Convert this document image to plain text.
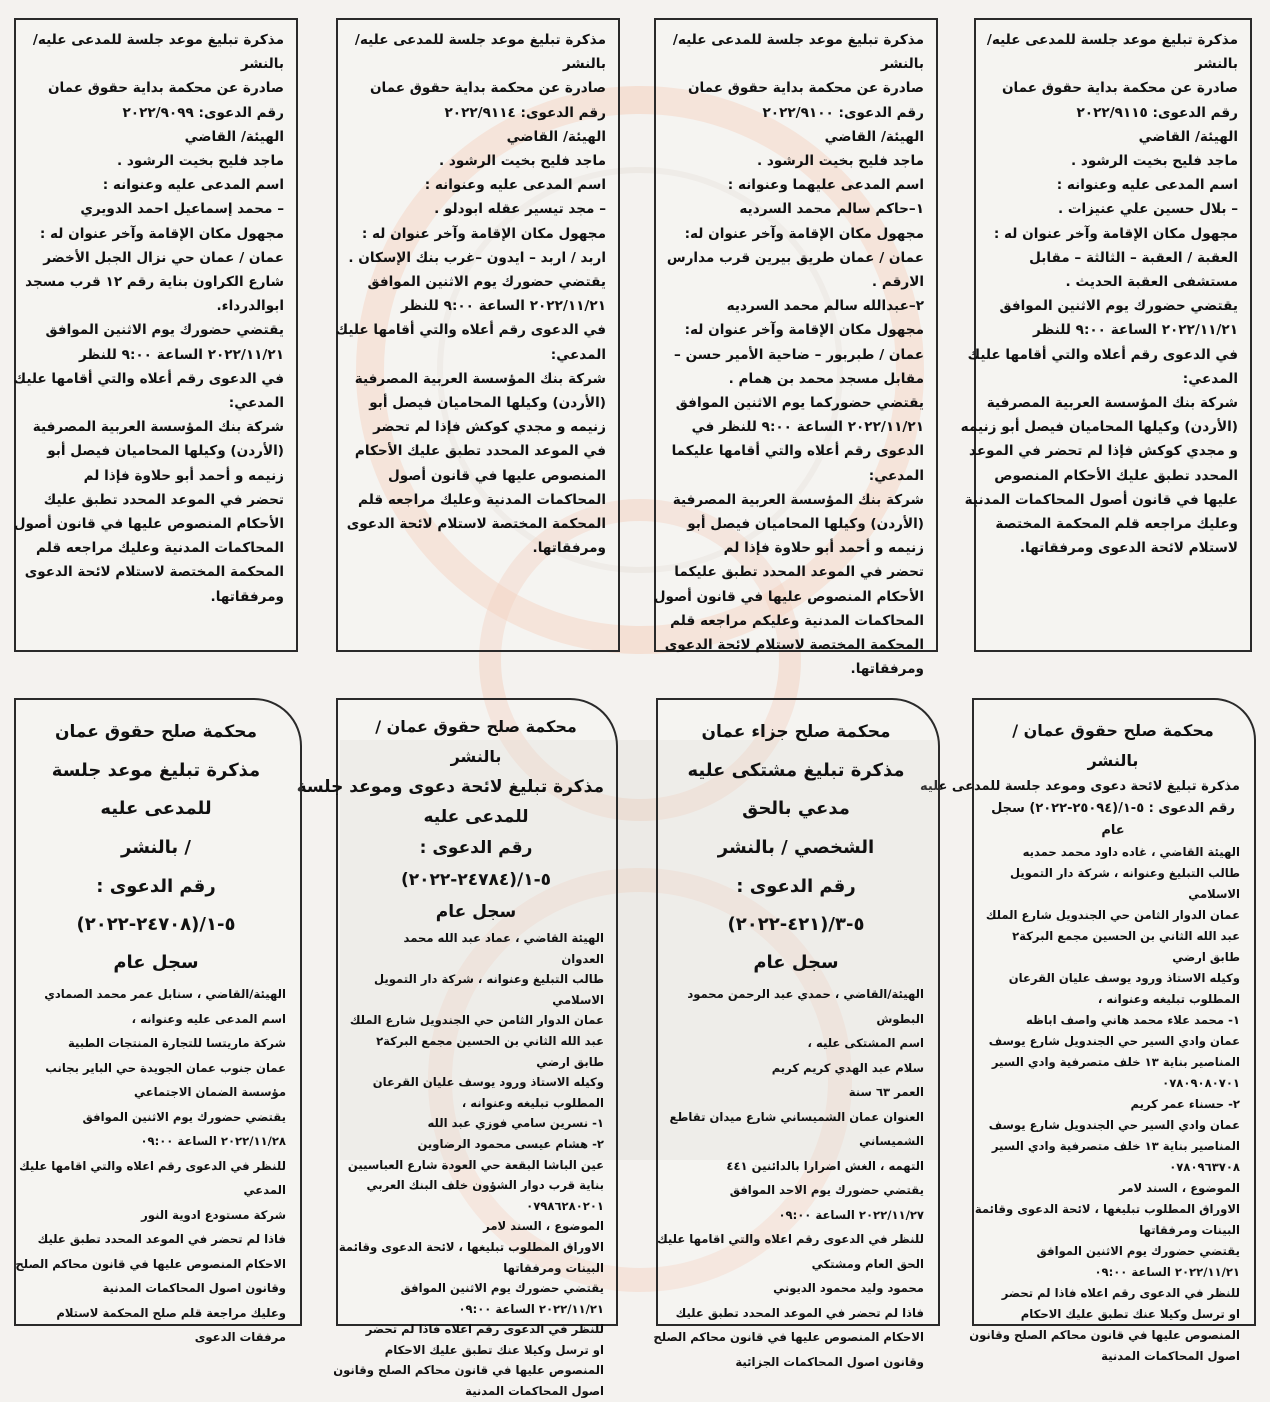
مذكرة تبليغ موعد جلسة للمدعى عليه/
بالنشر
صادرة عن محكمة بداية حقوق عمان
رقم الدعوى: ٢٠٢٢/٩١١٥
الهيئة/ القاضي
ماجد فليح بخيت الرشود .
اسم المدعى عليه وعنوانه :
– بلال حسين علي عنيزات .
مجهول مكان الإقامة وآخر عنوان له :
العقبة / العقبة – الثالثة – مقابل
مستشفى العقبة الحديث .
يقتضي حضورك يوم الاثنين الموافق
٢٠٢٢/١١/٢١ الساعة ٩:٠٠ للنظر
في الدعوى رقم أعلاه والتي أقامها عليك
المدعي:
شركة بنك المؤسسة العربية المصرفية
(الأردن) وكيلها المحاميان فيصل أبو زنيمه
و مجدي كوكش فإذا لم تحضر في الموعد
المحدد تطبق عليك الأحكام المنصوص
عليها في قانون أصول المحاكمات المدنية
وعليك مراجعه قلم المحكمة المختصة
لاستلام لائحة الدعوى ومرفقاتها.
مذكرة تبليغ موعد جلسة للمدعى عليه/
بالنشر
صادرة عن محكمة بداية حقوق عمان
رقم الدعوى: ٢٠٢٢/٩١٠٠
الهيئة/ القاضي
ماجد فليح بخيت الرشود .
اسم المدعى عليهما وعنوانه :
١–حاكم سالم محمد السرديه
مجهول مكان الإقامة وآخر عنوان له:
عمان / عمان طريق بيرين قرب مدارس
الارقم .
٢–عبدالله سالم محمد السرديه
مجهول مكان الإقامة وآخر عنوان له:
عمان / طبربور – ضاحية الأمير حسن –
مقابل مسجد محمد بن همام .
يقتضي حضوركما يوم الاثنين الموافق
٢٠٢٢/١١/٢١ الساعة ٩:٠٠ للنظر في
الدعوى رقم أعلاه والتي أقامها عليكما
المدعي:
شركة بنك المؤسسة العربية المصرفية
(الأردن) وكيلها المحاميان فيصل أبو
زنيمه و أحمد أبو حلاوة فإذا لم
تحضر في الموعد المحدد تطبق عليكما
الأحكام المنصوص عليها في قانون أصول
المحاكمات المدنية وعليكم مراجعه قلم
المحكمة المختصة لاستلام لائحة الدعوى
ومرفقاتها.
مذكرة تبليغ موعد جلسة للمدعى عليه/
بالنشر
صادرة عن محكمة بداية حقوق عمان
رقم الدعوى: ٢٠٢٢/٩١١٤
الهيئة/ القاضي
ماجد فليح بخيت الرشود .
اسم المدعى عليه وعنوانه :
– مجد تيسير عقله ابودلو .
مجهول مكان الإقامة وآخر عنوان له :
اربد / اربد – ايدون –غرب بنك الإسكان .
يقتضي حضورك يوم الاثنين الموافق
٢٠٢٢/١١/٢١ الساعة ٩:٠٠ للنظر
في الدعوى رقم أعلاه والتي أقامها عليك
المدعي:
شركة بنك المؤسسة العربية المصرفية
(الأردن) وكيلها المحاميان فيصل أبو
زنيمه و مجدي كوكش فإذا لم تحضر
في الموعد المحدد تطبق عليك الأحكام
المنصوص عليها في قانون أصول
المحاكمات المدنية وعليك مراجعه قلم
المحكمة المختصة لاستلام لائحة الدعوى
ومرفقاتها.
مذكرة تبليغ موعد جلسة للمدعى عليه/
بالنشر
صادرة عن محكمة بداية حقوق عمان
رقم الدعوى: ٢٠٢٢/٩٠٩٩
الهيئة/ القاضي
ماجد فليح بخيت الرشود .
اسم المدعى عليه وعنوانه :
– محمد إسماعيل احمد الدويري
مجهول مكان الإقامة وآخر عنوان له :
عمان / عمان حي نزال الجبل الأخضر
شارع الكراون بناية رقم ١٢ قرب مسجد
ابوالدرداء.
يقتضي حضورك يوم الاثنين الموافق
٢٠٢٢/١١/٢١ الساعة ٩:٠٠ للنظر
في الدعوى رقم أعلاه والتي أقامها عليك
المدعي:
شركة بنك المؤسسة العربية المصرفية
(الأردن) وكيلها المحاميان فيصل أبو
زنيمه و أحمد أبو حلاوة فإذا لم
تحضر في الموعد المحدد تطبق عليك
الأحكام المنصوص عليها في قانون أصول
المحاكمات المدنية وعليك مراجعه قلم
المحكمة المختصة لاستلام لائحة الدعوى
ومرفقاتها.
محكمة صلح حقوق عمان / بالنشر
مذكرة تبليغ لائحة دعوى وموعد جلسة للمدعى عليه
رقم الدعوى : ٥-١/(٢٥٠٩٤-٢٠٢٢) سجل عام
الهيئة القاضي ، غاده داود محمد حمديه
طالب التبليغ وعنوانه ، شركة دار التمويل
الاسلامي
عمان الدوار الثامن حي الجندويل شارع الملك
عبد الله الثاني بن الحسين مجمع البركة٢
طابق ارضي
وكيله الاستاذ ورود يوسف عليان القرعان
المطلوب تبليغه وعنوانه ،
١- محمد علاء محمد هاني واصف اباظه
عمان وادي السير حي الجندويل شارع يوسف
المناصير بناية ١٣ خلف متصرفية وادي السير
٠٧٨٠٩٠٨٠٧٠١
٢- حسناء عمر كريم
عمان وادي السير حي الجندويل شارع يوسف
المناصير بناية ١٣ خلف متصرفية وادي السير
٠٧٨٠٩٦٣٧٠٨
الموضوع ، السند لامر
الاوراق المطلوب تبليغها ، لائحة الدعوى وقائمة
البينات ومرفقاتها
يقتضي حضورك يوم الاثنين الموافق
٢٠٢٢/١١/٢١ الساعة ٠٩:٠٠
للنظر في الدعوى رقم اعلاه فاذا لم تحضر
او ترسل وكيلا عنك تطبق عليك الاحكام
المنصوص عليها في قانون محاكم الصلح وقانون
اصول المحاكمات المدنية
محكمة صلح جزاء عمان
مذكرة تبليغ مشتكى عليه مدعي بالحق
الشخصي / بالنشر
رقم الدعوى : ٥-٣/(٤٢١-٢٠٢٢)
سجل عام
الهيئة/القاضي ، حمدي عبد الرحمن محمود
البطوش
اسم المشتكى عليه ،
سلام عبد الهدي كريم كريم
العمر ٦٣ سنة
العنوان عمان الشميساني شارع ميدان تقاطع
الشميساني
التهمه ، الغش اضرارا بالدائنين ٤٤١
يقتضي حضورك يوم الاحد الموافق
٢٠٢٢/١١/٢٧ الساعة ٠٩:٠٠
للنظر في الدعوى رقم اعلاه والتي اقامها عليك
الحق العام ومشتكي
محمود وليد محمود الديوني
فاذا لم تحضر في الموعد المحدد تطبق عليك
الاحكام المنصوص عليها في قانون محاكم الصلح
وقانون اصول المحاكمات الجزائية
محكمة صلح حقوق عمان / بالنشر
مذكرة تبليغ لائحة دعوى وموعد جلسة
للمدعى عليه
رقم الدعوى : ٥-١/(٢٤٧٨٤-٢٠٢٢)
سجل عام
الهيئة القاضي ، عماد عبد الله محمد
العدوان
طالب التبليغ وعنوانه ، شركة دار التمويل
الاسلامي
عمان الدوار الثامن حي الجندويل شارع الملك
عبد الله الثاني بن الحسين مجمع البركة٢
طابق ارضي
وكيله الاستاذ ورود يوسف عليان القرعان
المطلوب تبليغه وعنوانه ،
١- نسرين سامي فوزي عبد الله
٢- هشام عيسى محمود الرضاوين
عين الباشا البقعة حي العودة شارع العباسيين
بناية قرب دوار الشؤون خلف البنك العربي
٠٧٩٨٦٢٨٠٢٠١
الموضوع ، السند لامر
الاوراق المطلوب تبليغها ، لائحة الدعوى وقائمة
البينات ومرفقاتها
يقتضي حضورك يوم الاثنين الموافق
٢٠٢٢/١١/٢١ الساعة ٠٩:٠٠
للنظر في الدعوى رقم اعلاه فاذا لم تحضر
او ترسل وكيلا عنك تطبق عليك الاحكام
المنصوص عليها في قانون محاكم الصلح وقانون
اصول المحاكمات المدنية
محكمة صلح حقوق عمان
مذكرة تبليغ موعد جلسة للمدعى عليه
/ بالنشر
رقم الدعوى : ٥-١/(٢٤٧٠٨-٢٠٢٢)
سجل عام
الهيئة/القاضي ، سنابل عمر محمد الصمادي
اسم المدعى عليه وعنوانه ،
شركة ماريتسا للتجارة المنتجات الطبية
عمان جنوب عمان الجويدة حي الباير بجانب
مؤسسة الضمان الاجتماعي
يقتضي حضورك يوم الاثنين الموافق
٢٠٢٢/١١/٢٨ الساعة ٠٩:٠٠
للنظر في الدعوى رقم اعلاه والتي اقامها عليك
المدعي
شركة مستودع ادوية النور
فاذا لم تحضر في الموعد المحدد تطبق عليك
الاحكام المنصوص عليها في قانون محاكم الصلح
وقانون اصول المحاكمات المدنية
وعليك مراجعة قلم صلح المحكمة لاستلام
مرفقات الدعوى
